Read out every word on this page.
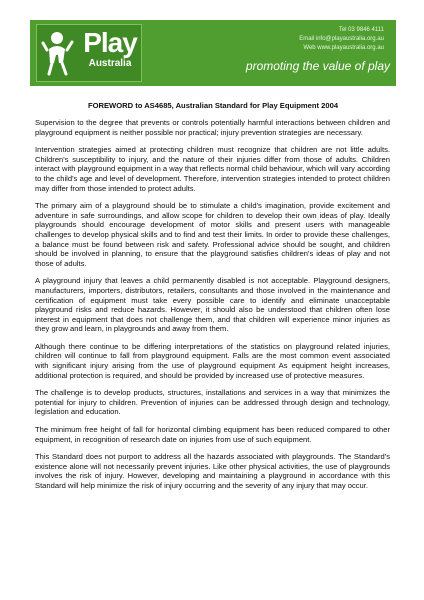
Play
Australia
Tel 03 9846 4111
Email info@playaustralia.org.au
Web www.playaustralia.org.au
promoting the value of play
FOREWORD to AS4685, Australian Standard for Play Equipment 2004

Supervision to the degree that prevents or controls potentially harmful interactions between children and playground equipment is neither possible nor practical; injury prevention strategies are necessary.

Intervention strategies aimed at protecting children must recognize that children are not little adults. Children's susceptibility to injury, and the nature of their injuries differ from those of adults. Children interact with playground equipment in a way that reflects normal child behaviour, which will vary according to the child's age and level of development. Therefore, intervention strategies intended to protect children may differ from those intended to protect adults.

The primary aim of a playground should be to stimulate a child's imagination, provide excitement and adventure in safe surroundings, and allow scope for children to develop their own ideas of play. Ideally playgrounds should encourage development of motor skills and present users with manageable challenges to develop physical skills and to find and test their limits. In order to provide these challenges, a balance must be found between risk and safety. Professional advice should be sought, and children should be involved in planning, to ensure that the playground satisfies children's ideas of play and not those of adults.

A playground injury that leaves a child permanently disabled is not acceptable. Playground designers, manufacturers, importers, distributors, retailers, consultants and those involved in the maintenance and certification of equipment must take every possible care to identify and eliminate unacceptable playground risks and reduce hazards. However, it should also be understood that children often lose interest in equipment that does not challenge them, and that children will experience minor injuries as they grow and learn, in playgrounds and away from them.

Although there continue to be differing interpretations of the statistics on playground related injuries, children will continue to fall from playground equipment. Falls are the most common event associated with significant injury arising from the use of playground equipment As equipment height increases, additional protection is required, and should be provided by increased use of protective measures.

The challenge is to develop products, structures, installations and services in a way that minimizes the potential for injury to children. Prevention of injuries can be addressed through design and technology, legislation and education.

The minimum free height of fall for horizontal climbing equipment has been reduced compared to other equipment, in recognition of research date on injuries from use of such equipment.

This Standard does not purport to address all the hazards associated with playgrounds. The Standard's existence alone will not necessarily prevent injuries. Like other physical activities, the use of playgrounds involves the risk of injury. However, developing and maintaining a playground in accordance with this Standard will help minimize the risk of injury occurring and the severity of any injury that may occur.
